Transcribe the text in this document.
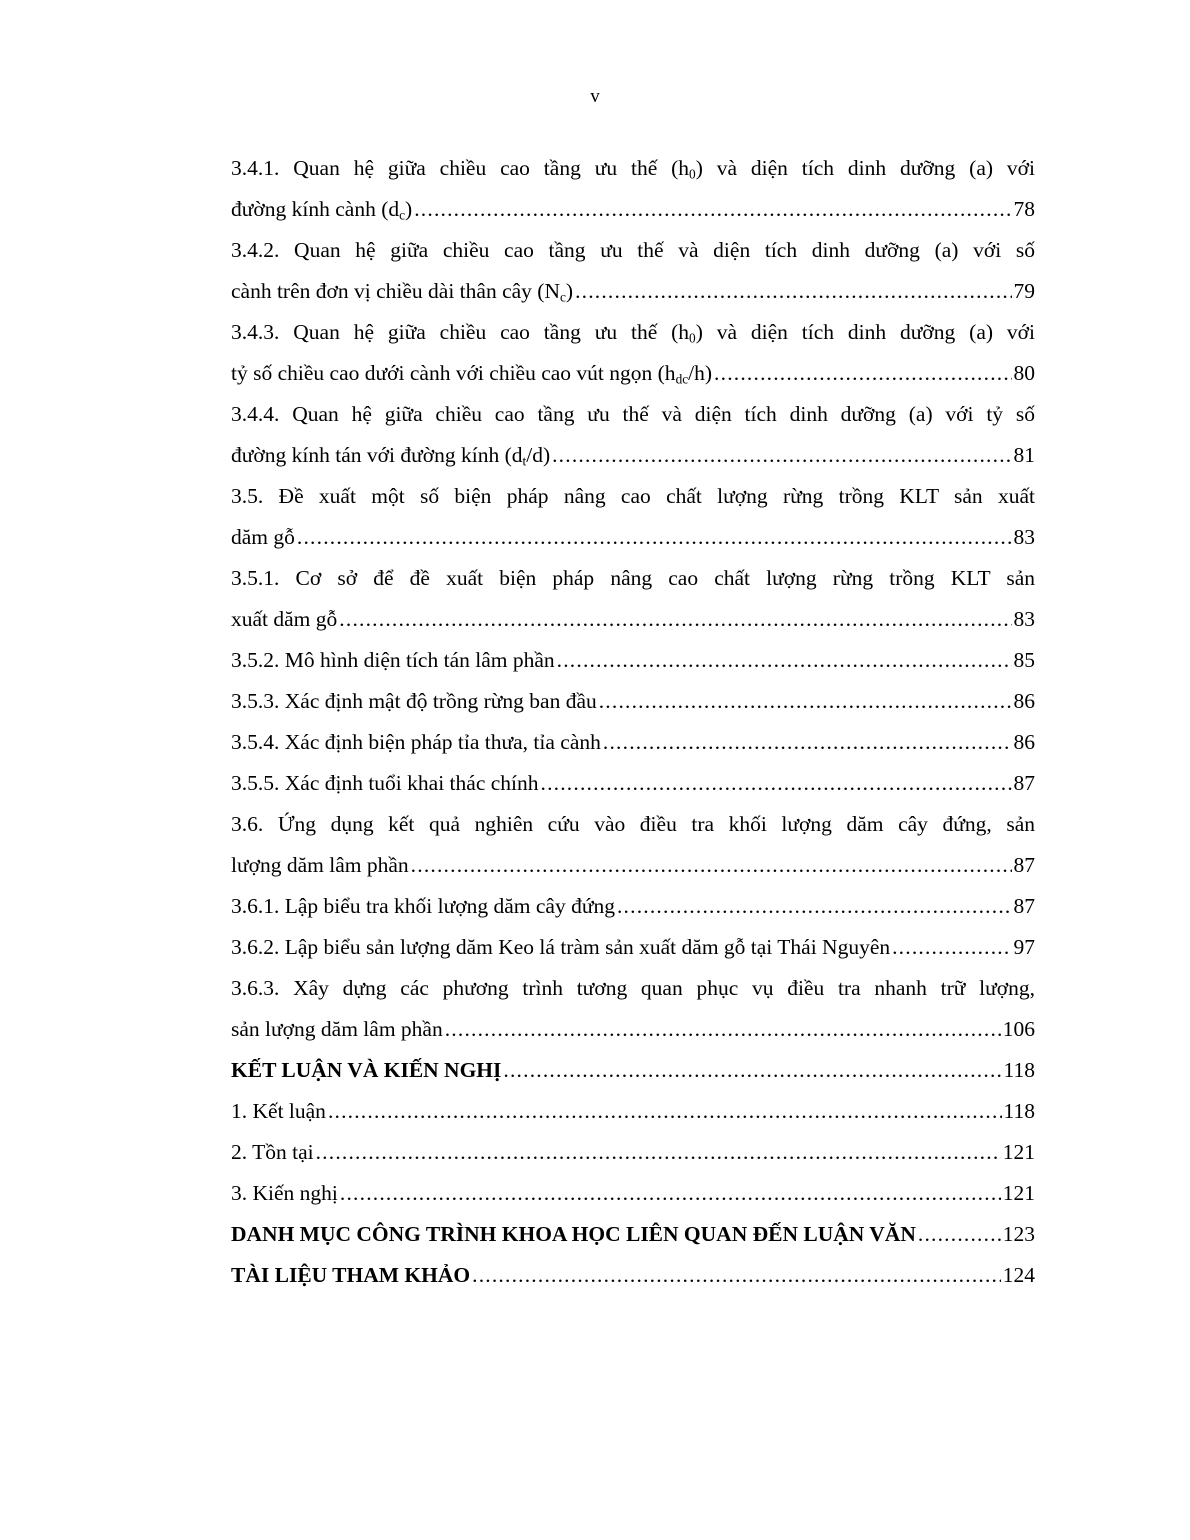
v
3.4.1. Quan hệ giữa chiều cao tầng ưu thế $(h_0)$ và diện tích dinh dưỡng (a) với
đường kính cành $(d_c)$ .....	78
3.4.2. Quan hệ giữa chiều cao tầng ưu thế và diện tích dinh dưỡng (a) với số
cành trên đơn vị chiều dài thân cây $(N_c)$ .....	79
3.4.3. Quan hệ giữa chiều cao tầng ưu thế $(h_0)$ và diện tích dinh dưỡng (a) với
tỷ số chiều cao dưới cành với chiều cao vút ngọn $(h_{dc}/h)$ .....	80
3.4.4. Quan hệ giữa chiều cao tầng ưu thế và diện tích dinh dưỡng (a) với tỷ số
đường kính tán với đường kính $(d_t/d)$ .....	81
3.5. Đề xuất một số biện pháp nâng cao chất lượng rừng trồng KLT sản xuất
dăm gỗ .....	83
3.5.1. Cơ sở để đề xuất biện pháp nâng cao chất lượng rừng trồng KLT sản
xuất dăm gỗ .....	83
3.5.2. Mô hình diện tích tán lâm phần .....	85
3.5.3. Xác định mật độ trồng rừng ban đầu .....	86
3.5.4. Xác định biện pháp tỉa thưa, tỉa cành .....	86
3.5.5. Xác định tuổi khai thác chính .....	87
3.6. Ứng dụng kết quả nghiên cứu vào điều tra khối lượng dăm cây đứng, sản
lượng dăm lâm phần .....	87
3.6.1. Lập biểu tra khối lượng dăm cây đứng .....	87
3.6.2. Lập biểu sản lượng dăm Keo lá tràm sản xuất dăm gỗ tại Thái Nguyên .....	97
3.6.3. Xây dựng các phương trình tương quan phục vụ điều tra nhanh trữ lượng,
sản lượng dăm lâm phần .....	106
KẾT LUẬN VÀ KIẾN NGHỊ .....	118
1. Kết luận .....	118
2. Tồn tại .....	121
3. Kiến nghị .....	121
DANH MỤC CÔNG TRÌNH KHOA HỌC LIÊN QUAN ĐẾN LUẬN VĂN .....	123
TÀI LIỆU THAM KHẢO .....	124
